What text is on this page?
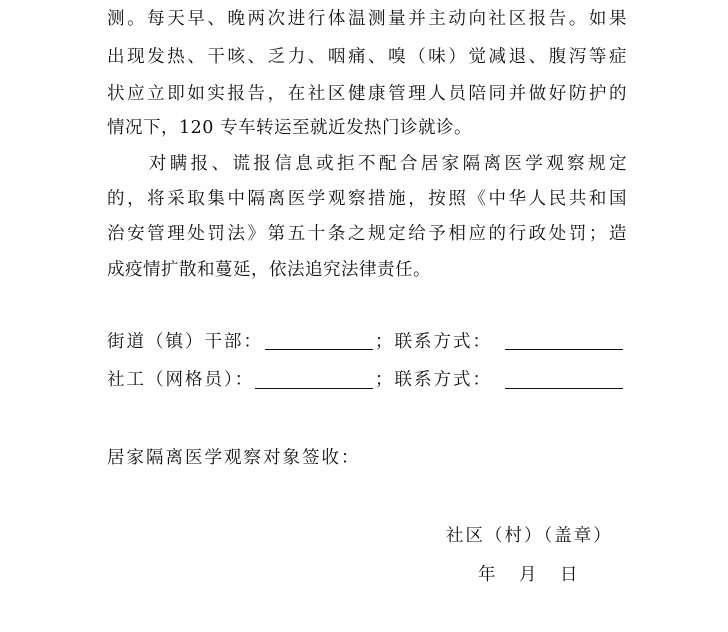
测。每天早、晚两次进行体温测量并主动向社区报告。如果
出现发热、干咳、乏力、咽痛、嗅（味）觉减退、腹泻等症
状应立即如实报告，在社区健康管理人员陪同并做好防护的
情况下，120 专车转运至就近发热门诊就诊。
　　对瞒报、谎报信息或拒不配合居家隔离医学观察规定
的，将采取集中隔离医学观察措施，按照《中华人民共和国
治安管理处罚法》第五十条之规定给予相应的行政处罚；造
成疫情扩散和蔓延，依法追究法律责任。
街道（镇）干部：	；联系方式：
社工（网格员）：	；联系方式：
居家隔离医学观察对象签收：
社区（村）（盖章）
年　月　日
